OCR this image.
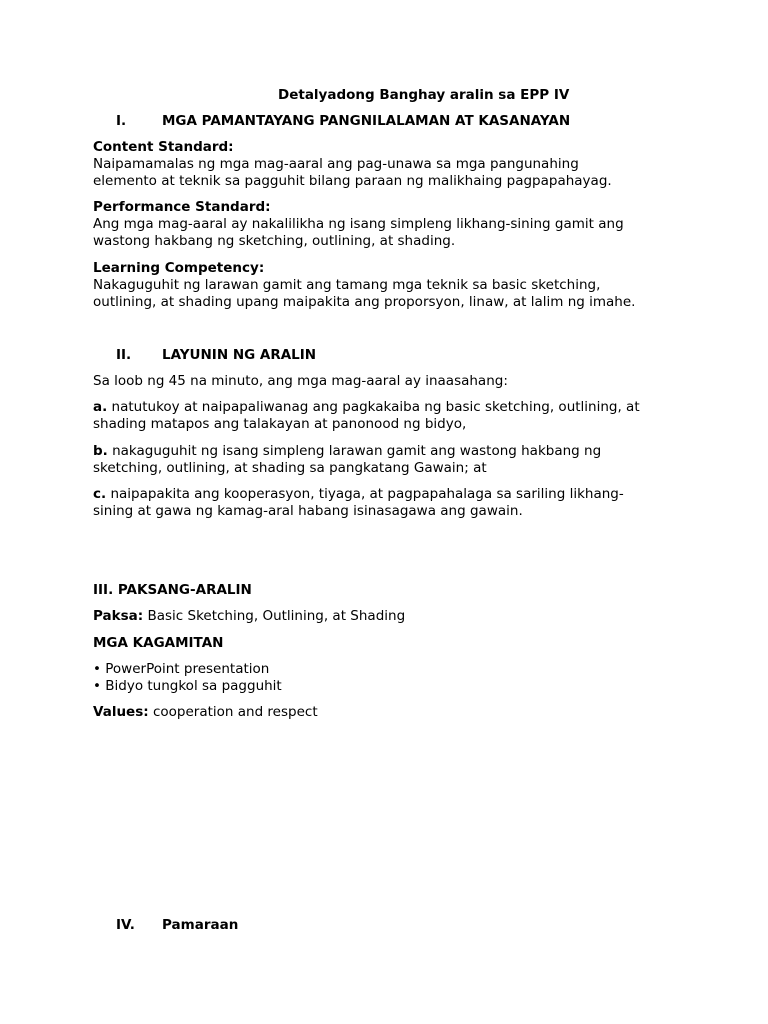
Detalyadong Banghay aralin sa EPP IV
I.	MGA PAMANTAYANG PANGNILALAMAN AT KASANAYAN
Content Standard:
Naipamamalas ng mga mag-aaral ang pag-unawa sa mga pangunahing
elemento at teknik sa pagguhit bilang paraan ng malikhaing pagpapahayag.
Performance Standard:
Ang mga mag-aaral ay nakalilikha ng isang simpleng likhang-sining gamit ang
wastong hakbang ng sketching, outlining, at shading.
Learning Competency:
Nakaguguhit ng larawan gamit ang tamang mga teknik sa basic sketching,
outlining, at shading upang maipakita ang proporsyon, linaw, at lalim ng imahe.
II. LAYUNIN NG ARALIN
Sa loob ng 45 na minuto, ang mga mag-aaral ay inaasahang:
a. natutukoy at naipapaliwanag ang pagkakaiba ng basic sketching, outlining, at
shading matapos ang talakayan at panonood ng bidyo,
b. nakaguguhit ng isang simpleng larawan gamit ang wastong hakbang ng
sketching, outlining, at shading sa pangkatang Gawain; at
c. naipapakita ang kooperasyon, tiyaga, at pagpapahalaga sa sariling likhang-
sining at gawa ng kamag-aral habang isinasagawa ang gawain.
III. PAKSANG-ARALIN
Paksa: Basic Sketching, Outlining, at Shading
MGA KAGAMITAN
• PowerPoint presentation
• Bidyo tungkol sa pagguhit
Values: cooperation and respect
IV. Pamaraan
